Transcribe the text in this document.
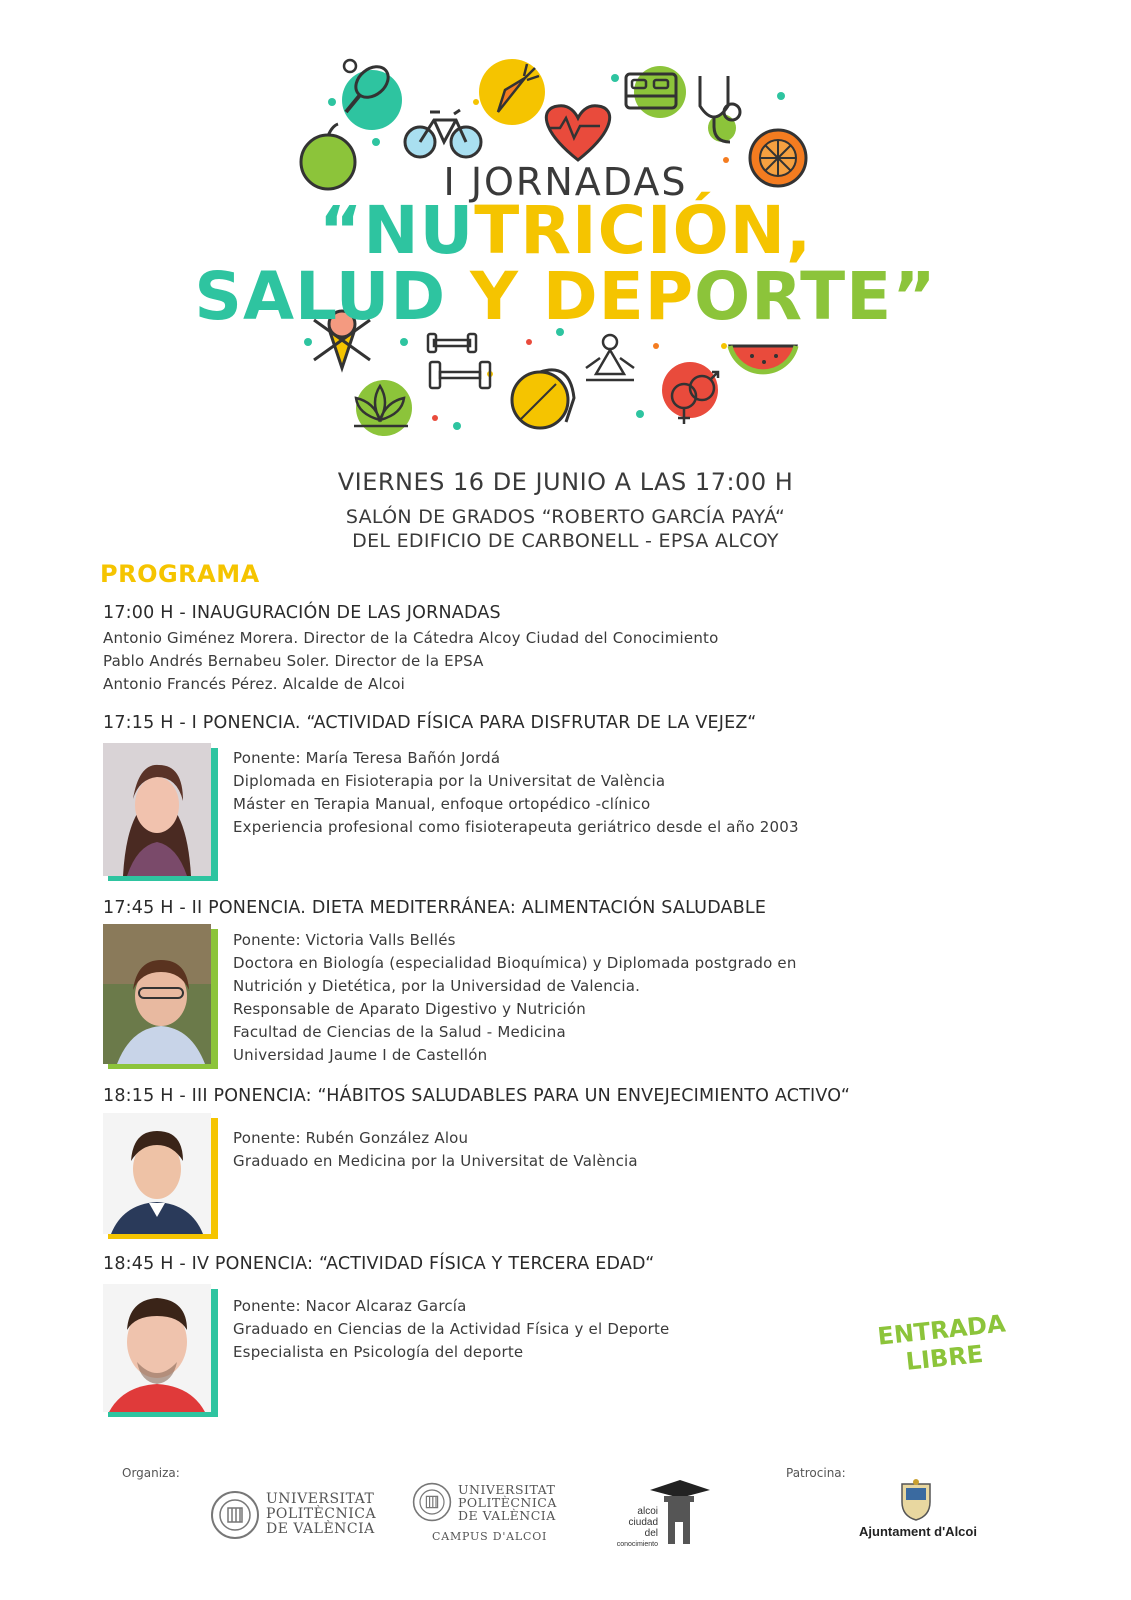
I JORNADAS
“NUTRICIÓN,
SALUD Y DEPORTE”
VIERNES 16 DE JUNIO A LAS 17:00 H
SALÓN DE GRADOS “ROBERTO GARCÍA PAYÁ“
DEL EDIFICIO DE CARBONELL - EPSA ALCOY
PROGRAMA
17:00 H - INAUGURACIÓN DE LAS JORNADAS
Antonio Giménez Morera. Director de la Cátedra Alcoy Ciudad del Conocimiento
Pablo Andrés Bernabeu Soler. Director de la EPSA
Antonio Francés Pérez. Alcalde de Alcoi
17:15 H - I PONENCIA. “ACTIVIDAD FÍSICA PARA DISFRUTAR DE LA VEJEZ“
Ponente: María Teresa Bañón Jordá
Diplomada en Fisioterapia por la Universitat de València
Máster en Terapia Manual, enfoque ortopédico -clínico
Experiencia profesional como fisioterapeuta geriátrico desde el año 2003
17:45 H - II PONENCIA. DIETA MEDITERRÁNEA: ALIMENTACIÓN SALUDABLE
Ponente: Victoria Valls Bellés
Doctora en Biología (especialidad Bioquímica) y Diplomada postgrado en
Nutrición y Dietética, por la Universidad de Valencia.
Responsable de Aparato Digestivo y Nutrición
Facultad de Ciencias de la Salud - Medicina
Universidad Jaume I de Castellón
18:15 H - III PONENCIA: “HÁBITOS SALUDABLES PARA UN ENVEJECIMIENTO ACTIVO“
Ponente: Rubén González Alou
Graduado en Medicina por la Universitat de València
18:45 H - IV PONENCIA: “ACTIVIDAD FÍSICA Y TERCERA EDAD“
Ponente: Nacor Alcaraz García
Graduado en Ciencias de la Actividad Física y el Deporte
Especialista en Psicología del deporte
ENTRADA
LIBRE
Organiza:	Patrocina:
UNIVERSITAT
POLITÈCNICA
DE VALÈNCIA
UNIVERSITAT
POLITÈCNICA
DE VALÈNCIA
CAMPUS D'ALCOI
alcoi
ciudad del
conocimiento
Ajuntament d'Alcoi
